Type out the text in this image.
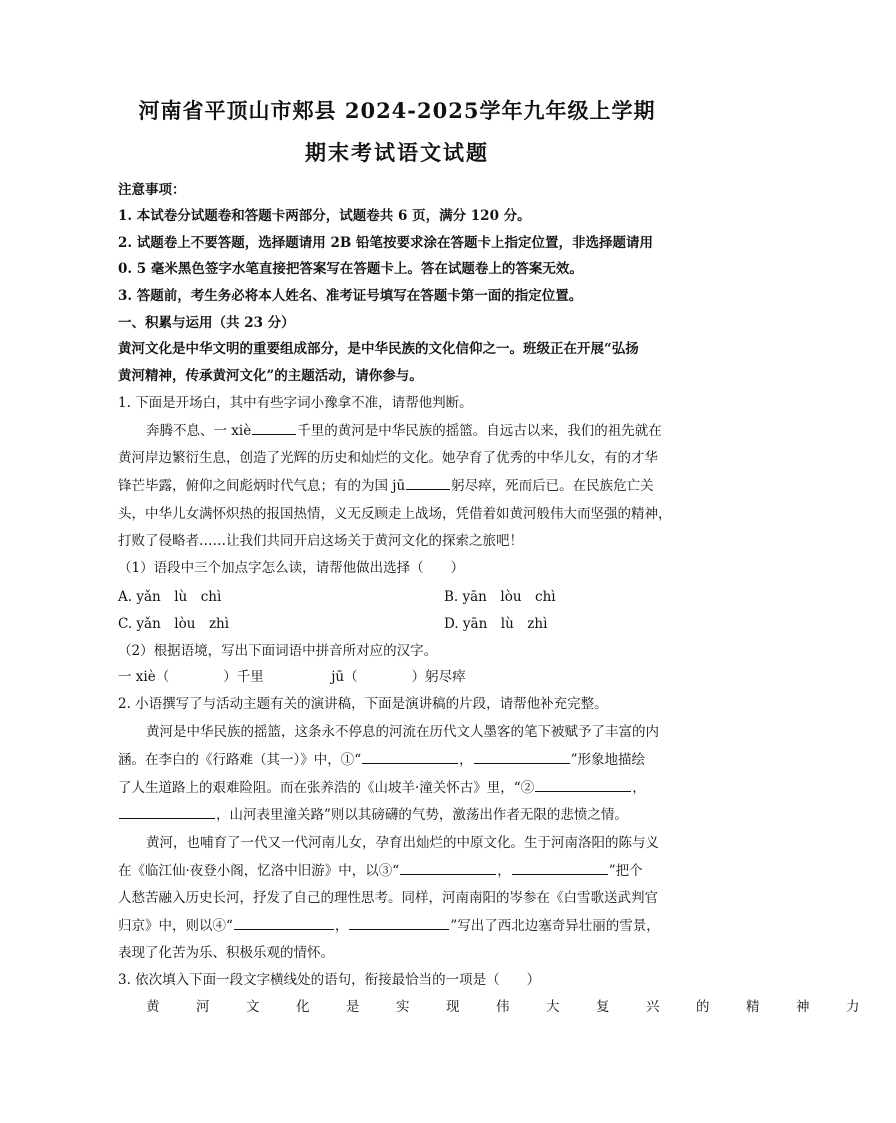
河南省平顶山市郏县 2024-2025学年九年级上学期
期末考试语文试题
注意事项：
1. 本试卷分试题卷和答题卡两部分，试题卷共 6 页，满分 120 分。
2. 试题卷上不要答题，选择题请用 2B 铅笔按要求涂在答题卡上指定位置，非选择题请用
0. 5 毫米黑色签字水笔直接把答案写在答题卡上。答在试题卷上的答案无效。
3. 答题前，考生务必将本人姓名、准考证号填写在答题卡第一面的指定位置。
一、积累与运用（共 23 分）
黄河文化是中华文明的重要组成部分，是中华民族的文化信仰之一。班级正在开展“弘扬
黄河精神，传承黄河文化”的主题活动，请你参与。
1. 下面是开场白，其中有些字词小豫拿不准，请帮他判断。
奔腾不息、一 xiè	千里的黄河是中华民族的摇篮。自远古以来，我们的祖先就在
黄河岸边繁衍生息，创造了光辉的历史和灿烂的文化。她孕育了优秀的中华儿女，有的才华
锋芒毕露，俯仰之间彪炳时代气息；有的为国 jū	躬尽瘁，死而后已。在民族危亡关
头，中华儿女满怀炽热的报国热情，义无反顾走上战场，凭借着如黄河般伟大而坚强的精神，
打败了侵略者……让我们共同开启这场关于黄河文化的探索之旅吧！
（1）语段中三个加点字怎么读，请帮他做出选择（　　）
A. yǎn　lù　chì	B. yān　lòu　chì
C. yǎn　lòu　zhì	D. yān　lù　zhì
（2）根据语境，写出下面词语中拼音所对应的汉字。
一 xiè（　　　　）千里　　　　　jū（　　　　）躬尽瘁
2. 小语撰写了与活动主题有关的演讲稿，下面是演讲稿的片段，请帮他补充完整。
黄河是中华民族的摇篮，这条永不停息的河流在历代文人墨客的笔下被赋予了丰富的内
涵。在李白的《行路难（其一）》中，①“	，	”形象地描绘
了人生道路上的艰难险阻。而在张养浩的《山坡羊·潼关怀古》里，“②	，
，山河表里潼关路”则以其磅礴的气势，激荡出作者无限的悲愤之情。
黄河，也哺育了一代又一代河南儿女，孕育出灿烂的中原文化。生于河南洛阳的陈与义
在《临江仙·夜登小阁，忆洛中旧游》中，以③“	，	”把个
人愁苦融入历史长河，抒发了自己的理性思考。同样，河南南阳的岑参在《白雪歌送武判官
归京》中，则以④“	，	”写出了西北边塞奇异壮丽的雪景，
表现了化苦为乐、积极乐观的情怀。
3. 依次填入下面一段文字横线处的语句，衔接最恰当的一项是（　　）
黄河文化是实现伟大复兴的精神力
